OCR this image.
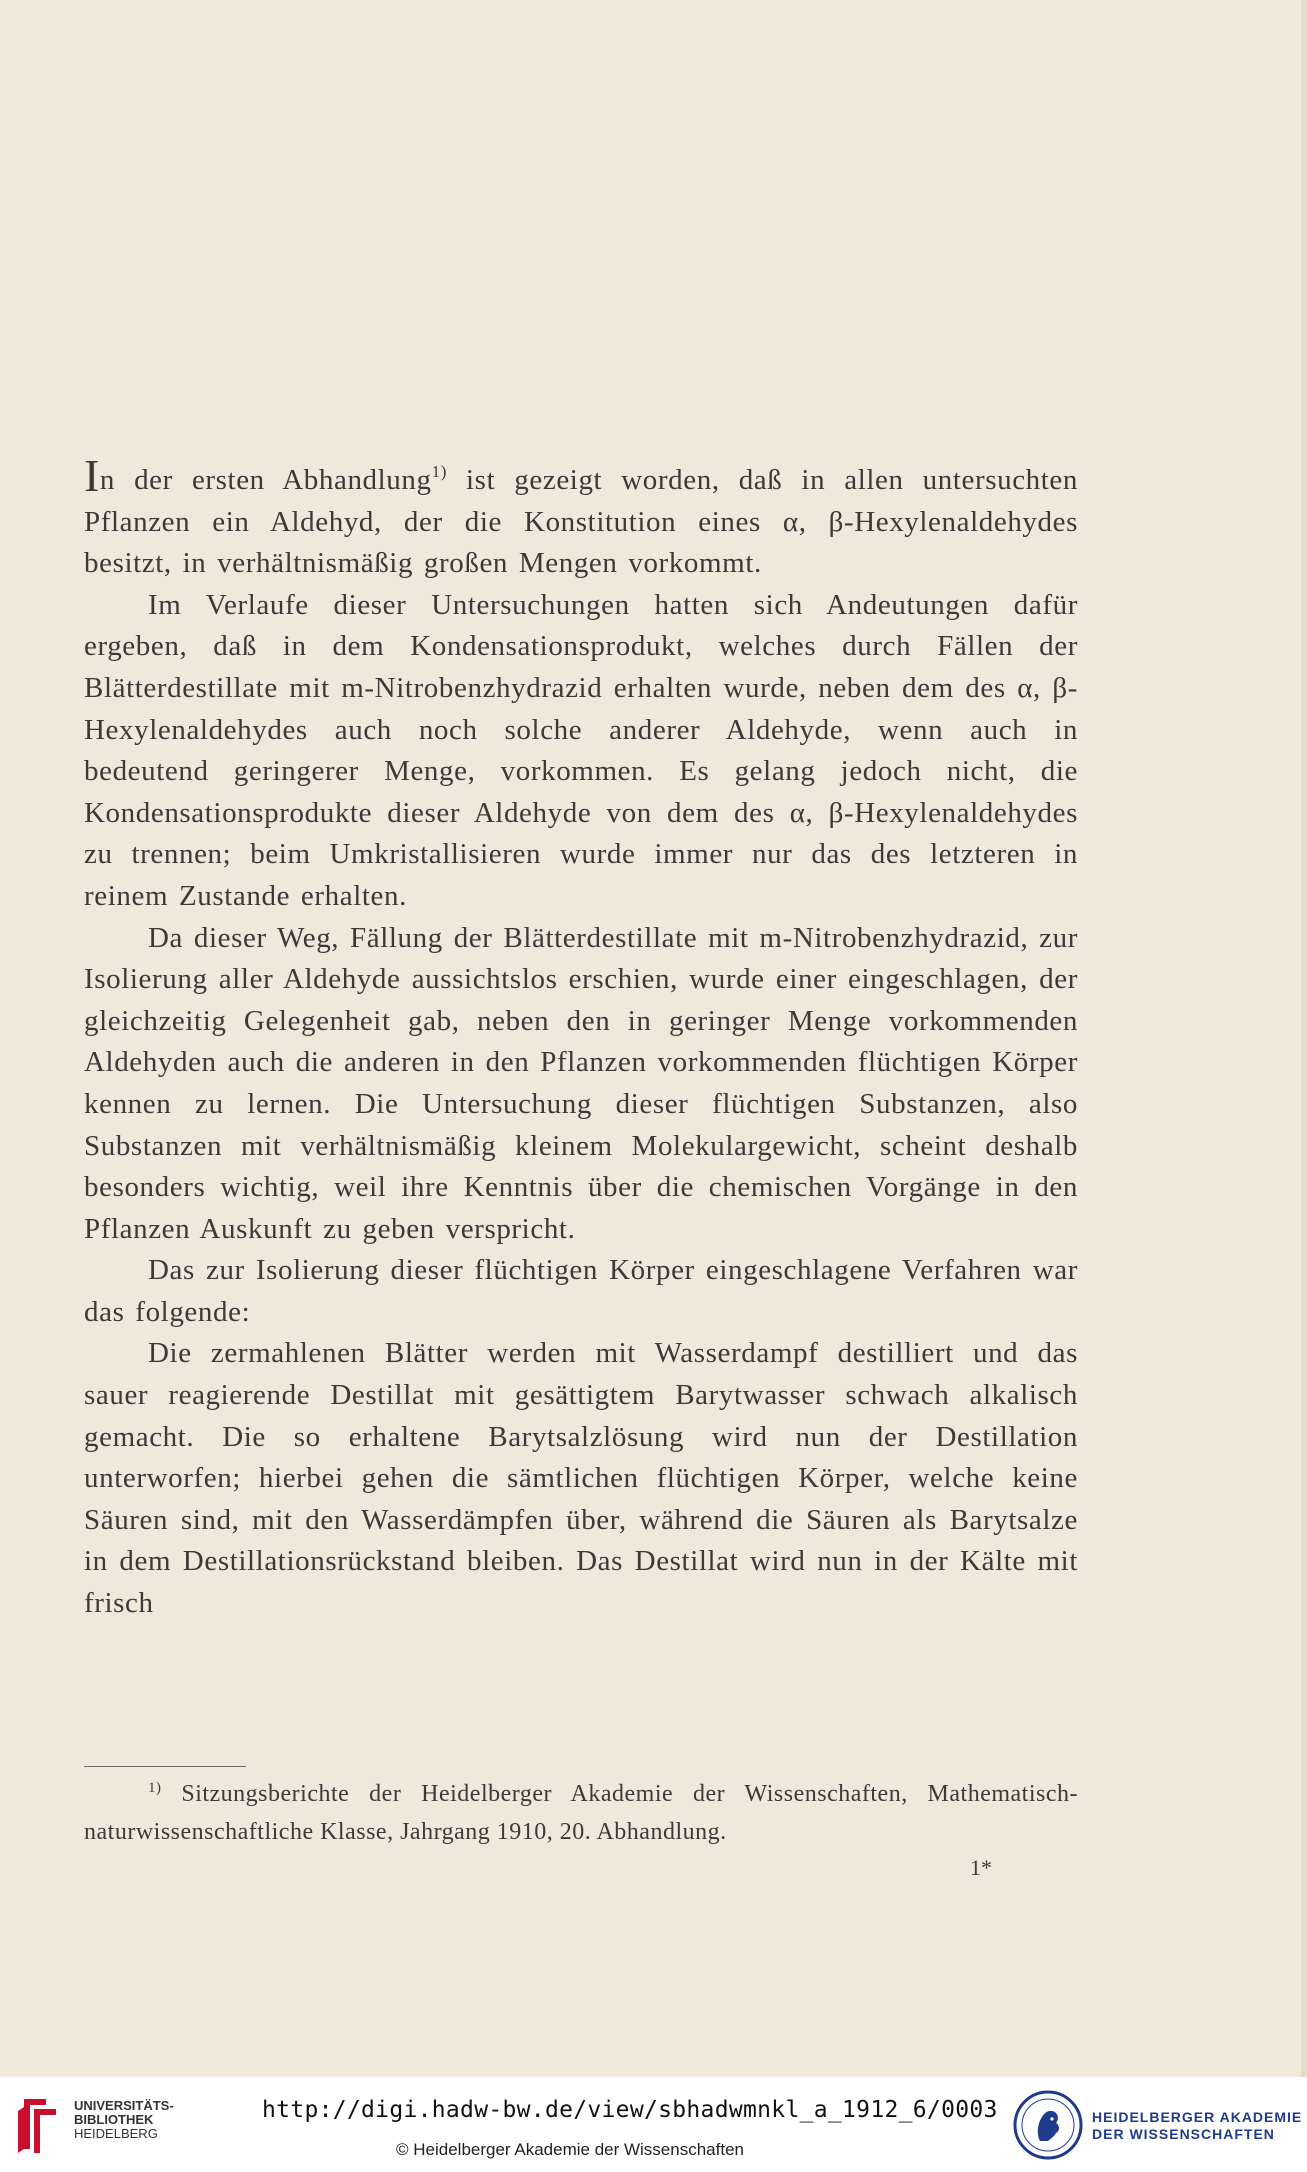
In der ersten Abhandlung$^{1)}$ ist gezeigt worden, daß in allen untersuchten Pflanzen ein Aldehyd, der die Konstitution eines α, β-Hexylenaldehydes besitzt, in verhältnismäßig großen Mengen vorkommt.

Im Verlaufe dieser Untersuchungen hatten sich Andeutungen dafür ergeben, daß in dem Kondensationsprodukt, welches durch Fällen der Blätterdestillate mit m-Nitrobenzhydrazid erhalten wurde, neben dem des α, β-Hexylenaldehydes auch noch solche anderer Aldehyde, wenn auch in bedeutend geringerer Menge, vorkommen. Es gelang jedoch nicht, die Kondensationsprodukte dieser Aldehyde von dem des α, β-Hexylenaldehydes zu trennen; beim Umkristallisieren wurde immer nur das des letzteren in reinem Zustande erhalten.

Da dieser Weg, Fällung der Blätterdestillate mit m-Nitrobenzhydrazid, zur Isolierung aller Aldehyde aussichtslos erschien, wurde einer eingeschlagen, der gleichzeitig Gelegenheit gab, neben den in geringer Menge vorkommenden Aldehyden auch die anderen in den Pflanzen vorkommenden flüchtigen Körper kennen zu lernen. Die Untersuchung dieser flüchtigen Substanzen, also Substanzen mit verhältnismäßig kleinem Molekulargewicht, scheint deshalb besonders wichtig, weil ihre Kenntnis über die chemischen Vorgänge in den Pflanzen Auskunft zu geben verspricht.

Das zur Isolierung dieser flüchtigen Körper eingeschlagene Verfahren war das folgende:

Die zermahlenen Blätter werden mit Wasserdampf destilliert und das sauer reagierende Destillat mit gesättigtem Barytwasser schwach alkalisch gemacht. Die so erhaltene Barytsalzlösung wird nun der Destillation unterworfen; hierbei gehen die sämtlichen flüchtigen Körper, welche keine Säuren sind, mit den Wasserdämpfen über, während die Säuren als Barytsalze in dem Destillationsrückstand bleiben. Das Destillat wird nun in der Kälte mit frisch

$^{1)}$ Sitzungsberichte der Heidelberger Akademie der Wissenschaften, Mathematisch-naturwissenschaftliche Klasse, Jahrgang 1910, 20. Abhandlung.

1*
UNIVERSITÄTS-
BIBLIOTHEK
HEIDELBERG
http://digi.hadw-bw.de/view/sbhadwmnkl_a_1912_6/0003
© Heidelberger Akademie der Wissenschaften
HEIDELBERGER AKADEMIE
DER WISSENSCHAFTEN
